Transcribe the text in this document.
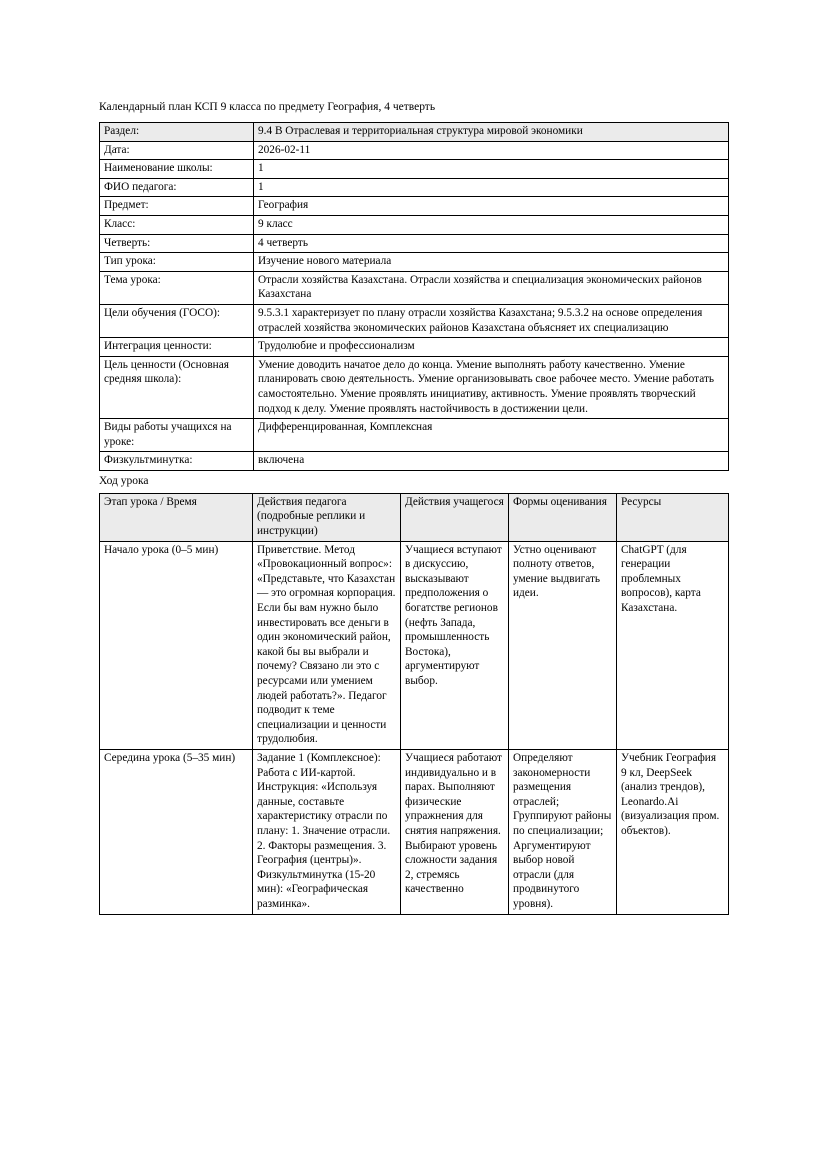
Календарный план КСП 9 класса по предмету География, 4 четверть
Раздел:	9.4 В Отраслевая и территориальная структура мировой экономики
Дата:	2026-02-11
Наименование школы:	1
ФИО педагога:	1
Предмет:	География
Класс:	9 класс
Четверть:	4 четверть
Тип урока:	Изучение нового материала
Тема урока:	Отрасли хозяйства Казахстана. Отрасли хозяйства и специализация экономических районов Казахстана
Цели обучения (ГОСО):	9.5.3.1 характеризует по плану отрасли хозяйства Казахстана; 9.5.3.2 на основе определения отраслей хозяйства экономических районов Казахстана объясняет их специализацию
Интеграция ценности:	Трудолюбие и профессионализм
Цель ценности (Основная средняя школа):	Умение доводить начатое дело до конца. Умение выполнять работу качественно. Умение планировать свою деятельность. Умение организовывать свое рабочее место. Умение работать самостоятельно. Умение проявлять инициативу, активность. Умение проявлять творческий подход к делу. Умение проявлять настойчивость в достижении цели.
Виды работы учащихся на уроке:	Дифференцированная, Комплексная
Физкультминутка:	включена
Ход урока
Этап урока / Время	Действия педагога (подробные реплики и инструкции)	Действия учащегося	Формы оценивания	Ресурсы
Начало урока (0–5 мин)	Приветствие. Метод «Провокационный вопрос»: «Представьте, что Казахстан — это огромная корпорация. Если бы вам нужно было инвестировать все деньги в один экономический район, какой бы вы выбрали и почему? Связано ли это с ресурсами или умением людей работать?». Педагог подводит к теме специализации и ценности трудолюбия.	Учащиеся вступают в дискуссию, высказывают предположения о богатстве регионов (нефть Запада, промышленность Востока), аргументируют выбор.	Устно оценивают полноту ответов, умение выдвигать идеи.	ChatGPT (для генерации проблемных вопросов), карта Казахстана.
Середина урока (5–35 мин)	Задание 1 (Комплексное): Работа с ИИ-картой. Инструкция: «Используя данные, составьте характеристику отрасли по плану: 1. Значение отрасли. 2. Факторы размещения. 3. География (центры)». Физкультминутка (15-20 мин): «Географическая разминка».	Учащиеся работают индивидуально и в парах. Выполняют физические упражнения для снятия напряжения. Выбирают уровень сложности задания 2, стремясь качественно	Определяют закономерности размещения отраслей; Группируют районы по специализации; Аргументируют выбор новой отрасли (для продвинутого уровня).	Учебник География 9 кл, DeepSeek (анализ трендов), Leonardo.Ai (визуализация пром. объектов).
